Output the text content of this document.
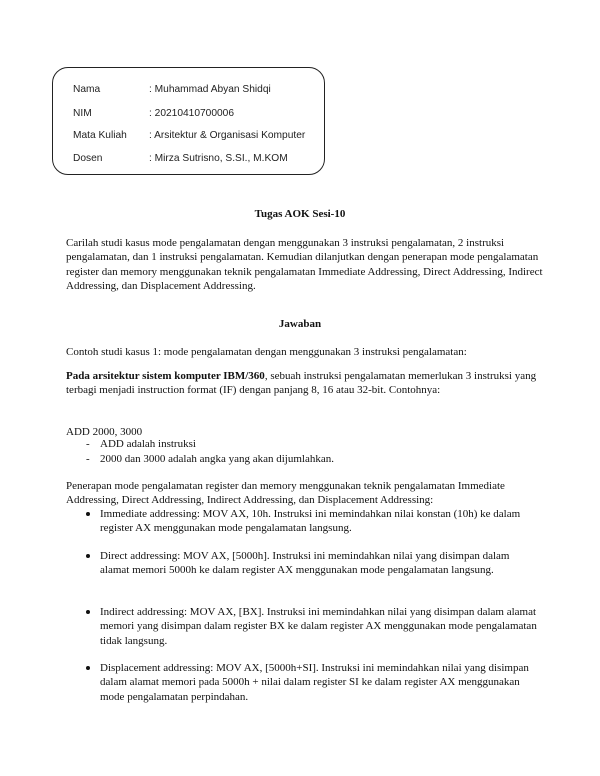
Nama	: Muhammad Abyan Shidqi
NIM	: 20210410700006
Mata Kuliah : Arsitektur & Organisasi Komputer
Dosen	: Mirza Sutrisno, S.SI., M.KOM
Tugas AOK Sesi-10
Carilah studi kasus mode pengalamatan dengan menggunakan 3 instruksi pengalamatan, 2 instruksi pengalamatan, dan 1 instruksi pengalamatan. Kemudian dilanjutkan dengan penerapan mode pengalamatan register dan memory menggunakan teknik pengalamatan Immediate Addressing, Direct Addressing, Indirect Addressing, dan Displacement Addressing.
Jawaban
Contoh studi kasus 1: mode pengalamatan dengan menggunakan 3 instruksi pengalamatan:
Pada arsitektur sistem komputer IBM/360, sebuah instruksi pengalamatan memerlukan 3 instruksi yang terbagi menjadi instruction format (IF) dengan panjang 8, 16 atau 32-bit. Contohnya:
ADD 2000, 3000
- ADD adalah instruksi
- 2000 dan 3000 adalah angka yang akan dijumlahkan.
Penerapan mode pengalamatan register dan memory menggunakan teknik pengalamatan Immediate Addressing, Direct Addressing, Indirect Addressing, dan Displacement Addressing:
Immediate addressing: MOV AX, 10h. Instruksi ini memindahkan nilai konstan (10h) ke dalam register AX menggunakan mode pengalamatan langsung.
Direct addressing: MOV AX, [5000h]. Instruksi ini memindahkan nilai yang disimpan dalam alamat memori 5000h ke dalam register AX menggunakan mode pengalamatan langsung.
Indirect addressing: MOV AX, [BX]. Instruksi ini memindahkan nilai yang disimpan dalam alamat memori yang disimpan dalam register BX ke dalam register AX menggunakan mode pengalamatan tidak langsung.
Displacement addressing: MOV AX, [5000h+SI]. Instruksi ini memindahkan nilai yang disimpan dalam alamat memori pada 5000h + nilai dalam register SI ke dalam register AX menggunakan mode pengalamatan perpindahan.
